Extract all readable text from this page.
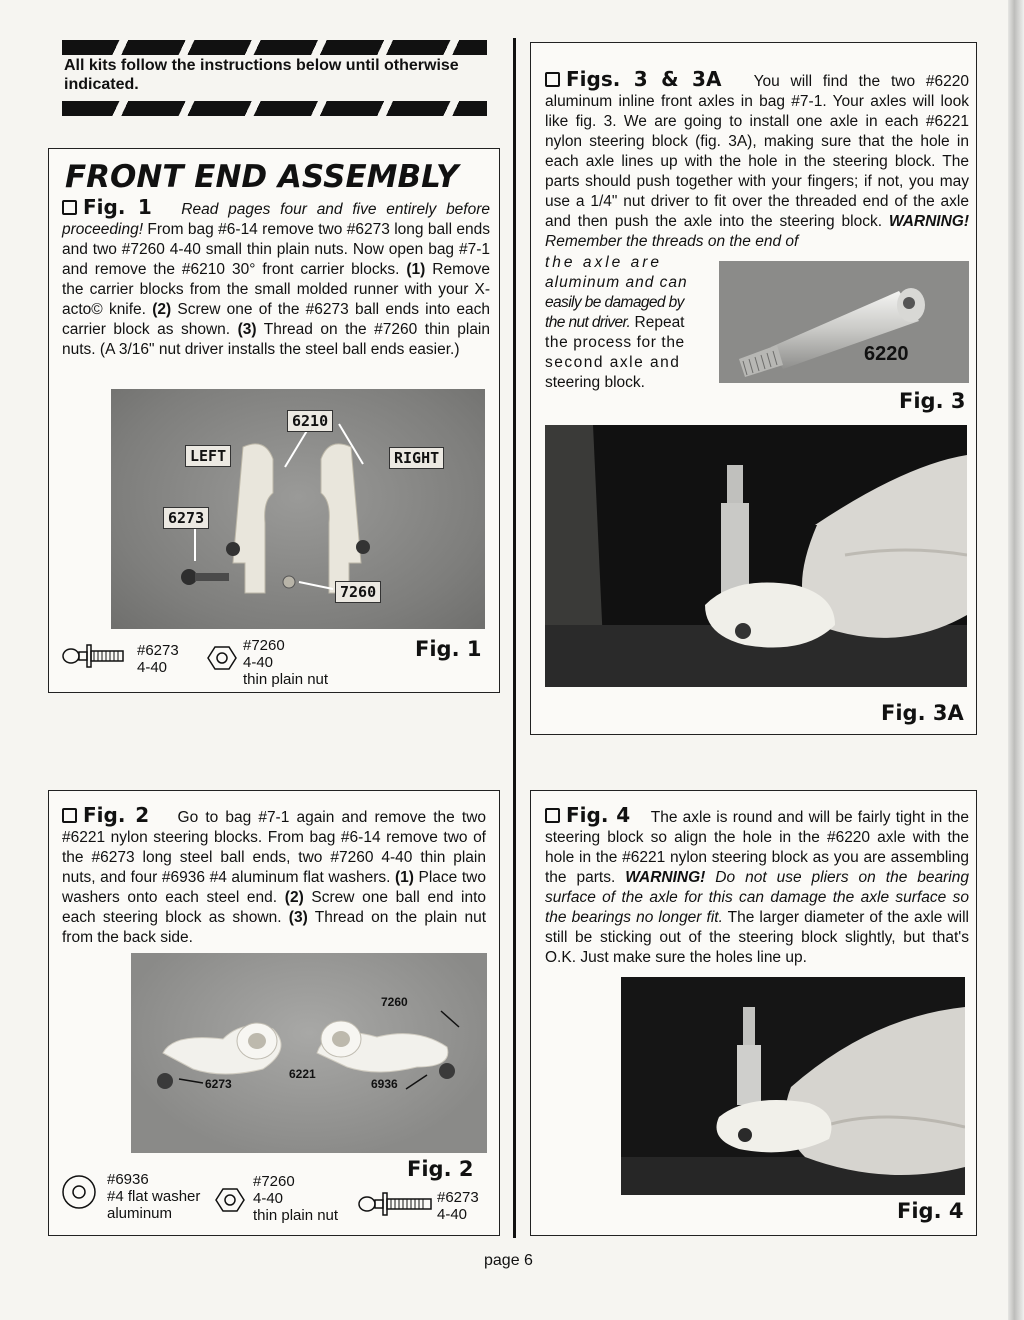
All kits follow the instructions below until otherwise indicated.
FRONT END ASSEMBLY
Fig. 1 Read pages four and five entirely before proceeding! From bag #6-14 remove two #6273 long ball ends and two #7260 4-40 small thin plain nuts. Now open bag #7-1 and remove the #6210 30° front carrier blocks. (1) Remove the carrier blocks from the small molded runner with your X-acto© knife. (2) Screw one of the #6273 ball ends into each carrier block as shown. (3) Thread on the #7260 thin plain nuts. (A 3/16" nut driver installs the steel ball ends easier.)
6210
LEFT	RIGHT
6273
7260
#6273
4-40
#7260
4-40
thin plain nut
Fig. 1
Figs. 3 & 3A   You will find the two #6220 aluminum inline front axles in bag #7-1. Your axles will look like fig. 3. We are going to install one axle in each #6221 nylon steering block (fig. 3A), making sure that the hole in each axle lines up with the hole in the steering block. The parts should push together with your fingers; if not, you may use a 1/4" nut driver to fit over the threaded end of the axle and then push the axle into the steering block. WARNING! Remember the threads on the end of
the axle are
aluminum and can
easily be damaged by
the nut driver. Repeat
the process for the
second axle and
steering block.
6220
Fig. 3
Fig. 3A
Fig. 2    Go to bag #7-1 again and remove the two #6221 nylon steering blocks. From bag #6-14 remove two of the #6273 long steel ball ends, two #7260 4-40 thin plain nuts, and four #6936 #4 aluminum flat washers. (1) Place two washers onto each steel end. (2) Screw one ball end into each steering block as shown. (3) Thread on the plain nut from the back side.
7260
6273
6221
6936
#6936
#4 flat washer
aluminum
#7260
4-40
thin plain nut
#6273
4-40
Fig. 2
Fig. 4    The axle is round and will be fairly tight in the steering block so align the hole in the #6220 axle with the hole in the #6221 nylon steering block as you are assembling the parts. WARNING! Do not use pliers on the bearing surface of the axle for this can damage the axle surface so the bearings no longer fit. The larger diameter of the axle will still be sticking out of the steering block slightly, but that's O.K. Just make sure the holes line up.
Fig. 4
page 6
